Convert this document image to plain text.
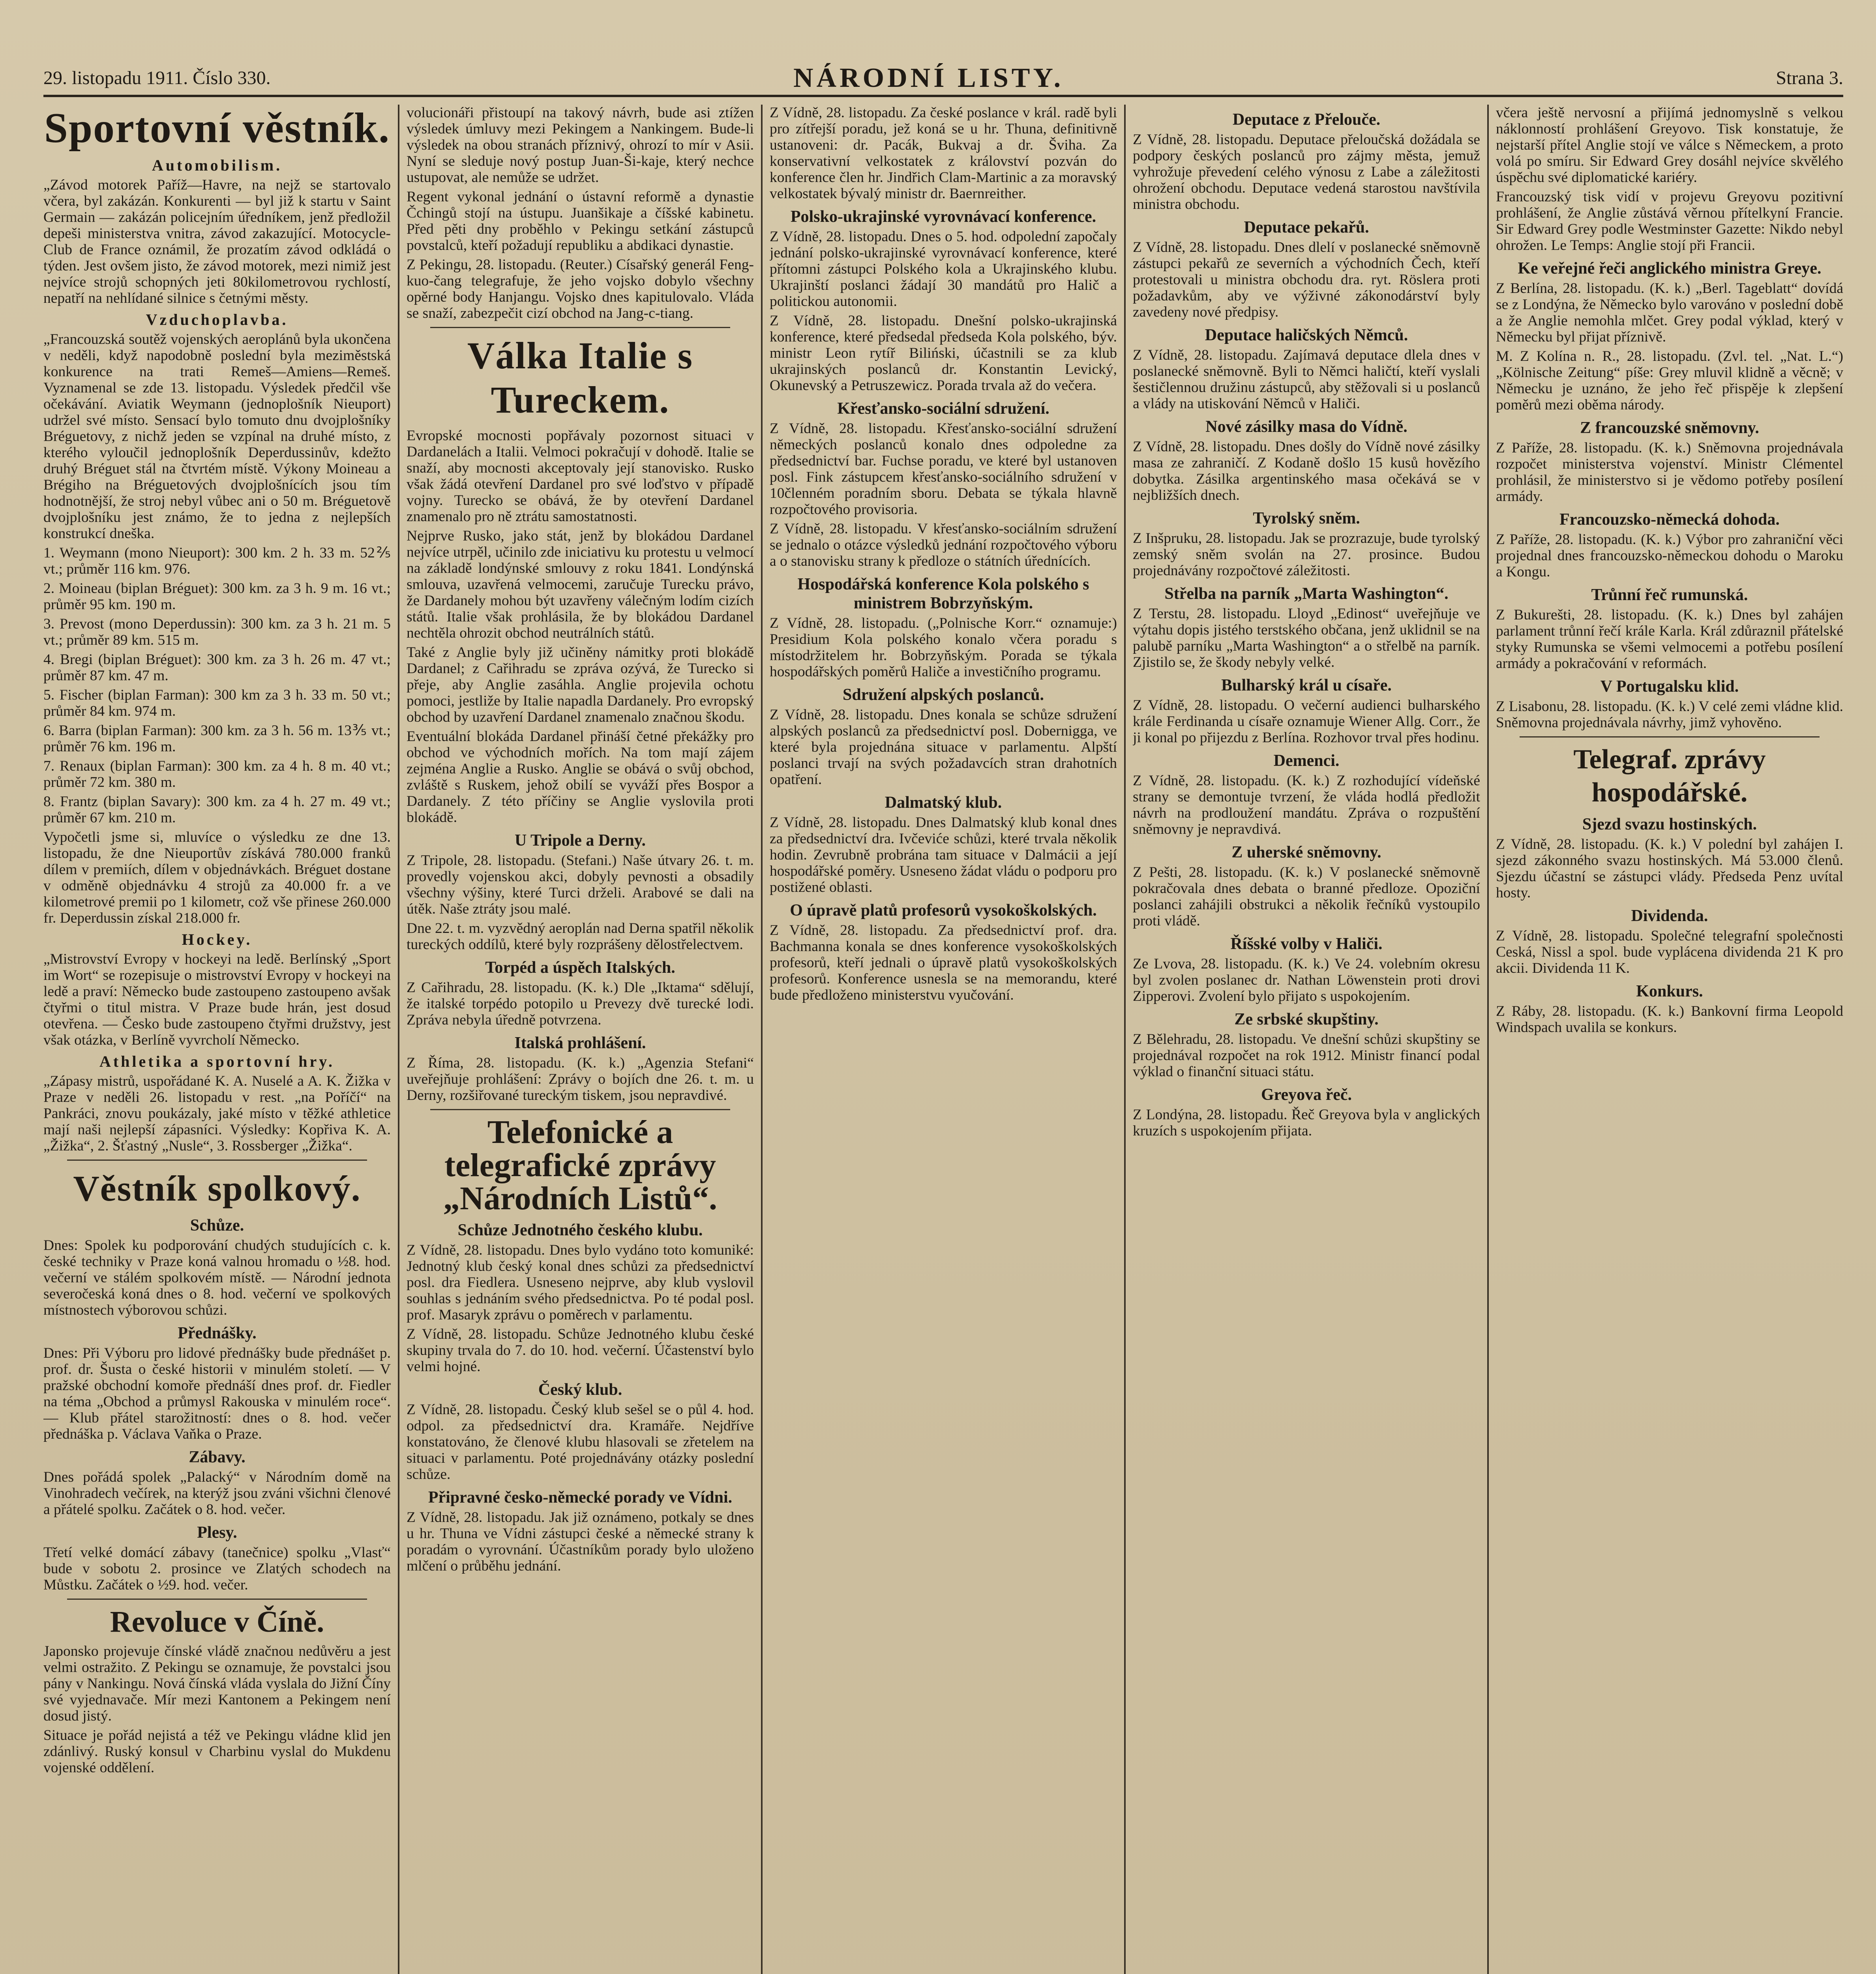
29. listopadu 1911. Číslo 330.	NÁRODNÍ LISTY.	Strana 3.
Sportovní věstník.
Automobilism.

„Závod motorek Paříž—Havre, na nejž se startovalo včera, byl zakázán. Konkurenti — byl již k startu v Saint Germain — zakázán policejním úředníkem, jenž předložil depeši ministerstva vnitra, závod zakazující. Motocycle-Club de France oznámil, že prozatím závod odkládá o týden. Jest ovšem jisto, že závod motorek, mezi nimiž jest nejvíce strojů schopných jeti 80kilometrovou rychlostí, nepatří na nehlídané silnice s četnými městy.

Vzduchoplavba.

„Francouzská soutěž vojenských aeroplánů byla ukončena v neděli, když napodobně poslední byla meziměstská konkurence na trati Remeš—Amiens—Remeš. Vyznamenal se zde 13. listopadu. Výsledek předčil vše očekávání. Aviatik Weymann (jednoplošník Nieuport) udržel své místo. Sensací bylo tomuto dnu dvojplošníky Bréguetovy, z nichž jeden se vzpínal na druhé místo, z kterého vyloučil jednoplošník Deperdussinův, kdežto druhý Bréguet stál na čtvrtém místě. Výkony Moineau a Brégiho na Bréguetových dvojplošnících jsou tím hodnotnější, že stroj nebyl vůbec ani o 50 m. Bréguetově dvojplošníku jest známo, že to jedna z nejlepších konstrukcí dneška.

1. Weymann (mono Nieuport): 300 km. 2 h. 33 m. 52⅖ vt.; průměr 116 km. 976.

2. Moineau (biplan Bréguet): 300 km. za 3 h. 9 m. 16 vt.; průměr 95 km. 190 m.

3. Prevost (mono Deperdussin): 300 km. za 3 h. 21 m. 5 vt.; průměr 89 km. 515 m.

4. Bregi (biplan Bréguet): 300 km. za 3 h. 26 m. 47 vt.; průměr 87 km. 47 m.

5. Fischer (biplan Farman): 300 km za 3 h. 33 m. 50 vt.; průměr 84 km. 974 m.

6. Barra (biplan Farman): 300 km. za 3 h. 56 m. 13⅗ vt.; průměr 76 km. 196 m.

7. Renaux (biplan Farman): 300 km. za 4 h. 8 m. 40 vt.; průměr 72 km. 380 m.

8. Frantz (biplan Savary): 300 km. za 4 h. 27 m. 49 vt.; průměr 67 km. 210 m.

Vypočetli jsme si, mluvíce o výsledku ze dne 13. listopadu, že dne Nieuportův získává 780.000 franků dílem v premiích, dílem v objednávkách. Bréguet dostane v odměně objednávku 4 strojů za 40.000 fr. a ve kilometrové premii po 1 kilometr, což vše přinese 260.000 fr. Deperdussin získal 218.000 fr.

Hockey.

„Mistrovství Evropy v hockeyi na ledě. Berlínský „Sport im Wort“ se rozepisuje o mistrovství Evropy v hockeyi na ledě a praví: Německo bude zastoupeno zastoupeno avšak čtyřmi o titul mistra. V Praze bude hrán, jest dosud otevřena. — Česko bude zastoupeno čtyřmi družstvy, jest však otázka, v Berlíně vyvrcholí Německo.

Athletika a sportovní hry.

„Zápasy mistrů, uspořádané K. A. Nuselé a A. K. Žižka v Praze v neděli 26. listopadu v rest. „na Poříčí“ na Pankráci, znovu poukázaly, jaké místo v těžké athletice mají naši nejlepší zápasníci. Výsledky: Kopřiva K. A. „Žižka“, 2. Šťastný „Nusle“, 3. Rossberger „Žižka“.

Věstník spolkový.
Schůze.

Dnes: Spolek ku podporování chudých studujících c. k. české techniky v Praze koná valnou hromadu o ½8. hod. večerní ve stálém spolkovém místě. — Národní jednota severočeská koná dnes o 8. hod. večerní ve spolkových místnostech výborovou schůzi.

Přednášky.

Dnes: Při Výboru pro lidové přednášky bude přednášet p. prof. dr. Šusta o české historii v minulém století. — V pražské obchodní komoře přednáší dnes prof. dr. Fiedler na téma „Obchod a průmysl Rakouska v minulém roce“. — Klub přátel starožitností: dnes o 8. hod. večer přednáška p. Václava Vaňka o Praze.

Zábavy.

Dnes pořádá spolek „Palacký“ v Národním domě na Vinohradech večírek, na kterýž jsou zváni všichni členové a přátelé spolku. Začátek o 8. hod. večer.

Plesy.

Třetí velké domácí zábavy (tanečnice) spolku „Vlasť“ bude v sobotu 2. prosince ve Zlatých schodech na Můstku. Začátek o ½9. hod. večer.

Revoluce v Číně.

Japonsko projevuje čínské vládě značnou nedůvěru a jest velmi ostražito. Z Pekingu se oznamuje, že povstalci jsou pány v Nankingu. Nová čínská vláda vyslala do Jižní Číny své vyjednavače. Mír mezi Kantonem a Pekingem není dosud jistý.

Situace je pořád nejistá a též ve Pekingu vládne klid jen zdánlivý. Ruský konsul v Charbinu vyslal do Mukdenu vojenské oddělení.

volucionáři přistoupí na takový návrh, bude asi ztížen výsledek úmluvy mezi Pekingem a Nankingem. Bude-li výsledek na obou stranách příznivý, ohrozí to mír v Asii. Nyní se sleduje nový postup Juan-Ši-kaje, který nechce ustupovat, ale nemůže se udržet.

Regent vykonal jednání o ústavní reformě a dynastie Čchingů stojí na ústupu. Juanšikaje a číšské kabinetu. Před pěti dny proběhlo v Pekingu setkání zástupců povstalců, kteří požadují republiku a abdikaci dynastie.

Z Pekingu, 28. listopadu. (Reuter.) Císařský generál Feng-kuo-čang telegrafuje, že jeho vojsko dobylo všechny opěrné body Hanjangu. Vojsko dnes kapitulovalo. Vláda se snaží, zabezpečit cizí obchod na Jang-c-tiang.

Válka Italie s Tureckem.

Evropské mocnosti popřávaly pozornost situaci v Dardanelách a Italii. Velmoci pokračují v dohodě. Italie se snaží, aby mocnosti akceptovaly její stanovisko. Rusko však žádá otevření Dardanel pro své loďstvo v případě vojny. Turecko se obává, že by otevření Dardanel znamenalo pro ně ztrátu samostatnosti.

Nejprve Rusko, jako stát, jenž by blokádou Dardanel nejvíce utrpěl, učinilo zde iniciativu ku protestu u velmocí na základě londýnské smlouvy z roku 1841. Londýnská smlouva, uzavřená velmocemi, zaručuje Turecku právo, že Dardanely mohou být uzavřeny válečným lodím cizích států. Italie však prohlásila, že by blokádou Dardanel nechtěla ohrozit obchod neutrálních států.

Také z Anglie byly již učiněny námitky proti blokádě Dardanel; z Cařihradu se zpráva ozývá, že Turecko si přeje, aby Anglie zasáhla. Anglie projevila ochotu pomoci, jestliže by Italie napadla Dardanely. Pro evropský obchod by uzavření Dardanel znamenalo značnou škodu.

Eventuální blokáda Dardanel přináší četné překážky pro obchod ve východních mořích. Na tom mají zájem zejména Anglie a Rusko. Anglie se obává o svůj obchod, zvláště s Ruskem, jehož obilí se vyváží přes Bospor a Dardanely. Z této příčiny se Anglie vyslovila proti blokádě.

U Tripole a Derny.

Z Tripole, 28. listopadu. (Stefani.) Naše útvary 26. t. m. provedly vojenskou akci, dobyly pevnosti a obsadily všechny výšiny, které Turci drželi. Arabové se dali na útěk. Naše ztráty jsou malé.

Dne 22. t. m. vyzvědný aeroplán nad Derna spatřil několik tureckých oddílů, které byly rozprášeny dělostřelectvem.

Torpéd a úspěch Italských.

Z Cařihradu, 28. listopadu. (K. k.) Dle „Iktama“ sdělují, že italské torpédo potopilo u Prevezy dvě turecké lodi. Zpráva nebyla úředně potvrzena.

Italská prohlášení.

Z Říma, 28. listopadu. (K. k.) „Agenzia Stefani“ uveřejňuje prohlášení: Zprávy o bojích dne 26. t. m. u Derny, rozšiřované tureckým tiskem, jsou nepravdivé.

Telefonické a telegrafické zprávy „Národních Listů“.
Schůze Jednotného českého klubu.

Z Vídně, 28. listopadu. Dnes bylo vydáno toto komuniké: Jednotný klub český konal dnes schůzi za předsednictví posl. dra Fiedlera. Usneseno nejprve, aby klub vyslovil souhlas s jednáním svého předsednictva. Po té podal posl. prof. Masaryk zprávu o poměrech v parlamentu.

Z Vídně, 28. listopadu. Schůze Jednotného klubu české skupiny trvala do 7. do 10. hod. večerní. Účastenství bylo velmi hojné.

Český klub.

Z Vídně, 28. listopadu. Český klub sešel se o půl 4. hod. odpol. za předsednictví dra. Kramáře. Nejdříve konstatováno, že členové klubu hlasovali se zřetelem na situaci v parlamentu. Poté projednávány otázky poslední schůze.

Připravné česko-německé porady ve Vídni.

Z Vídně, 28. listopadu. Jak již oznámeno, potkaly se dnes u hr. Thuna ve Vídni zástupci české a německé strany k poradám o vyrovnání. Účastníkům porady bylo uloženo mlčení o průběhu jednání.

Z Vídně, 28. listopadu. Za české poslance v král. radě byli pro zítřejší poradu, jež koná se u hr. Thuna, definitivně ustanoveni: dr. Pacák, Bukvaj a dr. Šviha. Za konservativní velkostatek z království pozván do konference člen hr. Jindřich Clam-Martinic a za moravský velkostatek bývalý ministr dr. Baernreither.

Polsko-ukrajinské vyrovnávací konference.

Z Vídně, 28. listopadu. Dnes o 5. hod. odpolední započaly jednání polsko-ukrajinské vyrovnávací konference, které přítomni zástupci Polského kola a Ukrajinského klubu. Ukrajinští poslanci žádají 30 mandátů pro Halič a politickou autonomii.

Z Vídně, 28. listopadu. Dnešní polsko-ukrajinská konference, které předsedal předseda Kola polského, býv. ministr Leon rytíř Biliński, účastnili se za klub ukrajinských poslanců dr. Konstantin Levický, Okunevský a Petruszewicz. Porada trvala až do večera.

Křesťansko-sociální sdružení.

Z Vídně, 28. listopadu. Křesťansko-sociální sdružení německých poslanců konalo dnes odpoledne za předsednictví bar. Fuchse poradu, ve které byl ustanoven posl. Fink zástupcem křesťansko-sociálního sdružení v 10členném poradním sboru. Debata se týkala hlavně rozpočtového provisoria.

Z Vídně, 28. listopadu. V křesťansko-sociálním sdružení se jednalo o otázce výsledků jednání rozpočtového výboru a o stanovisku strany k předloze o státních úřednících.

Hospodářská konference Kola polského s ministrem Bobrzyňským.

Z Vídně, 28. listopadu. („Polnische Korr.“ oznamuje:) Presidium Kola polského konalo včera poradu s místodržitelem hr. Bobrzyňským. Porada se týkala hospodářských poměrů Haliče a investičního programu.

Sdružení alpských poslanců.

Z Vídně, 28. listopadu. Dnes konala se schůze sdružení alpských poslanců za předsednictví posl. Dobernigga, ve které byla projednána situace v parlamentu. Alpští poslanci trvají na svých požadavcích stran drahotních opatření.

Dalmatský klub.

Z Vídně, 28. listopadu. Dnes Dalmatský klub konal dnes za předsednictví dra. Ivčeviće schůzi, které trvala několik hodin. Zevrubně probrána tam situace v Dalmácii a její hospodářské poměry. Usneseno žádat vládu o podporu pro postižené oblasti.

O úpravě platů profesorů vysokoškolských.

Z Vídně, 28. listopadu. Za předsednictví prof. dra. Bachmanna konala se dnes konference vysokoškolských profesorů, kteří jednali o úpravě platů vysokoškolských profesorů. Konference usnesla se na memorandu, které bude předloženo ministerstvu vyučování.

Deputace z Přelouče.

Z Vídně, 28. listopadu. Deputace přeloučská dožádala se podpory českých poslanců pro zájmy města, jemuž vyhrožuje převedení celého výnosu z Labe a záležitosti ohrožení obchodu. Deputace vedená starostou navštívila ministra obchodu.

Deputace pekařů.

Z Vídně, 28. listopadu. Dnes dlelí v poslanecké sněmovně zástupci pekařů ze severních a východních Čech, kteří protestovali u ministra obchodu dra. ryt. Röslera proti požadavkům, aby ve výživné zákonodárství byly zavedeny nové předpisy.

Deputace haličských Němců.

Z Vídně, 28. listopadu. Zajímavá deputace dlela dnes v poslanecké sněmovně. Byli to Němci haličtí, kteří vyslali šestičlennou družinu zástupců, aby stěžovali si u poslanců a vlády na utiskování Němců v Haliči.

Nové zásilky masa do Vídně.

Z Vídně, 28. listopadu. Dnes došly do Vídně nové zásilky masa ze zahraničí. Z Kodaně došlo 15 kusů hovězího dobytka. Zásilka argentinského masa očekává se v nejbližších dnech.

Tyrolský sněm.

Z Inšpruku, 28. listopadu. Jak se prozrazuje, bude tyrolský zemský sněm svolán na 27. prosince. Budou projednávány rozpočtové záležitosti.

Střelba na parník „Marta Washington“.

Z Terstu, 28. listopadu. Lloyd „Edinost“ uveřejňuje ve výtahu dopis jistého terstského občana, jenž uklidnil se na palubě parníku „Marta Washington“ a o střelbě na parník. Zjistilo se, že škody nebyly velké.

Bulharský král u císaře.

Z Vídně, 28. listopadu. O večerní audienci bulharského krále Ferdinanda u císaře oznamuje Wiener Allg. Corr., že ji konal po přijezdu z Berlína. Rozhovor trval přes hodinu.

Demenci.

Z Vídně, 28. listopadu. (K. k.) Z rozhodující vídeňské strany se demontuje tvrzení, že vláda hodlá předložit návrh na prodloužení mandátu. Zpráva o rozpuštění sněmovny je nepravdivá.

Z uherské sněmovny.

Z Pešti, 28. listopadu. (K. k.) V poslanecké sněmovně pokračovala dnes debata o branné předloze. Opoziční poslanci zahájili obstrukci a několik řečníků vystoupilo proti vládě.

Říšské volby v Haliči.

Ze Lvova, 28. listopadu. (K. k.) Ve 24. volebním okresu byl zvolen poslanec dr. Nathan Löwenstein proti drovi Zipperovi. Zvolení bylo přijato s uspokojením.

Ze srbské skupštiny.

Z Bělehradu, 28. listopadu. Ve dnešní schůzi skupštiny se projednával rozpočet na rok 1912. Ministr financí podal výklad o finanční situaci státu.

Greyova řeč.

Z Londýna, 28. listopadu. Řeč Greyova byla v anglických kruzích s uspokojením přijata.

včera ještě nervosní a přijímá jednomyslně s velkou náklonností prohlášení Greyovo. Tisk konstatuje, že nejstarší přítel Anglie stojí ve válce s Německem, a proto volá po smíru. Sir Edward Grey dosáhl nejvíce skvělého úspěchu své diplomatické kariéry.

Francouzský tisk vidí v projevu Greyovu pozitivní prohlášení, že Anglie zůstává věrnou přítelkyní Francie. Sir Edward Grey podle Westminster Gazette: Nikdo nebyl ohrožen. Le Temps: Anglie stojí při Francii.

Ke veřejné řeči anglického ministra Greye.

Z Berlína, 28. listopadu. (K. k.) „Berl. Tageblatt“ dovídá se z Londýna, že Německo bylo varováno v poslední době a že Anglie nemohla mlčet. Grey podal výklad, který v Německu byl přijat příznivě.

M. Z Kolína n. R., 28. listopadu. (Zvl. tel. „Nat. L.“) „Kölnische Zeitung“ píše: Grey mluvil klidně a věcně; v Německu je uznáno, že jeho řeč přispěje k zlepšení poměrů mezi oběma národy.

Z francouzské sněmovny.

Z Paříže, 28. listopadu. (K. k.) Sněmovna projednávala rozpočet ministerstva vojenství. Ministr Clémentel prohlásil, že ministerstvo si je vědomo potřeby posílení armády.

Francouzsko-německá dohoda.

Z Paříže, 28. listopadu. (K. k.) Výbor pro zahraniční věci projednal dnes francouzsko-německou dohodu o Maroku a Kongu.

Trůnní řeč rumunská.

Z Bukurešti, 28. listopadu. (K. k.) Dnes byl zahájen parlament trůnní řečí krále Karla. Král zdůraznil přátelské styky Rumunska se všemi velmocemi a potřebu posílení armády a pokračování v reformách.

V Portugalsku klid.

Z Lisabonu, 28. listopadu. (K. k.) V celé zemi vládne klid. Sněmovna projednávala návrhy, jimž vyhověno.

Telegraf. zprávy hospodářské.
Sjezd svazu hostinských.

Z Vídně, 28. listopadu. (K. k.) V polední byl zahájen I. sjezd zákonného svazu hostinských. Má 53.000 členů. Sjezdu účastní se zástupci vlády. Předseda Penz uvítal hosty.

Dividenda.

Z Vídně, 28. listopadu. Společné telegrafní společnosti Ceská, Nissl a spol. bude vyplácena dividenda 21 K pro akcii. Dividenda 11 K.

Konkurs.

Z Ráby, 28. listopadu. (K. k.) Bankovní firma Leopold Windspach uvalila se konkurs.
